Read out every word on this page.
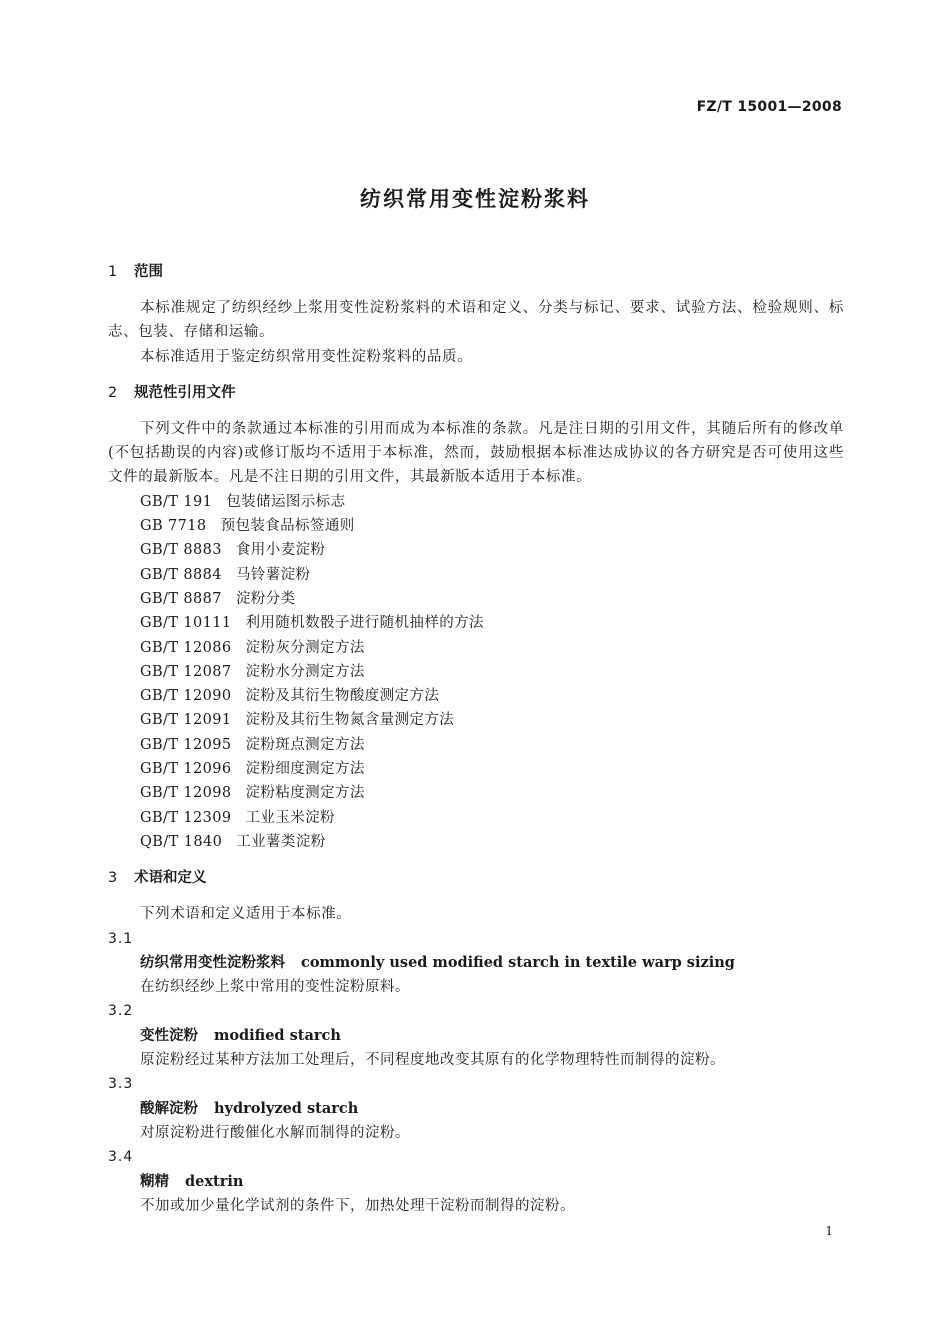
FZ/T 15001—2008
纺织常用变性淀粉浆料
1 范围
本标准规定了纺织经纱上浆用变性淀粉浆料的术语和定义、分类与标记、要求、试验方法、检验规则、标志、包装、存储和运输。
本标准适用于鉴定纺织常用变性淀粉浆料的品质。
2 规范性引用文件
下列文件中的条款通过本标准的引用而成为本标准的条款。凡是注日期的引用文件，其随后所有的修改单(不包括勘误的内容)或修订版均不适用于本标准，然而，鼓励根据本标准达成协议的各方研究是否可使用这些文件的最新版本。凡是不注日期的引用文件，其最新版本适用于本标准。
GB/T 191 包装储运图示标志
GB 7718 预包装食品标签通则
GB/T 8883 食用小麦淀粉
GB/T 8884 马铃薯淀粉
GB/T 8887 淀粉分类
GB/T 10111 利用随机数骰子进行随机抽样的方法
GB/T 12086 淀粉灰分测定方法
GB/T 12087 淀粉水分测定方法
GB/T 12090 淀粉及其衍生物酸度测定方法
GB/T 12091 淀粉及其衍生物氮含量测定方法
GB/T 12095 淀粉斑点测定方法
GB/T 12096 淀粉细度测定方法
GB/T 12098 淀粉粘度测定方法
GB/T 12309 工业玉米淀粉
QB/T 1840 工业薯类淀粉
3 术语和定义
下列术语和定义适用于本标准。
3.1
纺织常用变性淀粉浆料 commonly used modified starch in textile warp sizing
在纺织经纱上浆中常用的变性淀粉原料。
3.2
变性淀粉 modified starch
原淀粉经过某种方法加工处理后，不同程度地改变其原有的化学物理特性而制得的淀粉。
3.3
酸解淀粉 hydrolyzed starch
对原淀粉进行酸催化水解而制得的淀粉。
3.4
糊精 dextrin
不加或加少量化学试剂的条件下，加热处理干淀粉而制得的淀粉。
1
